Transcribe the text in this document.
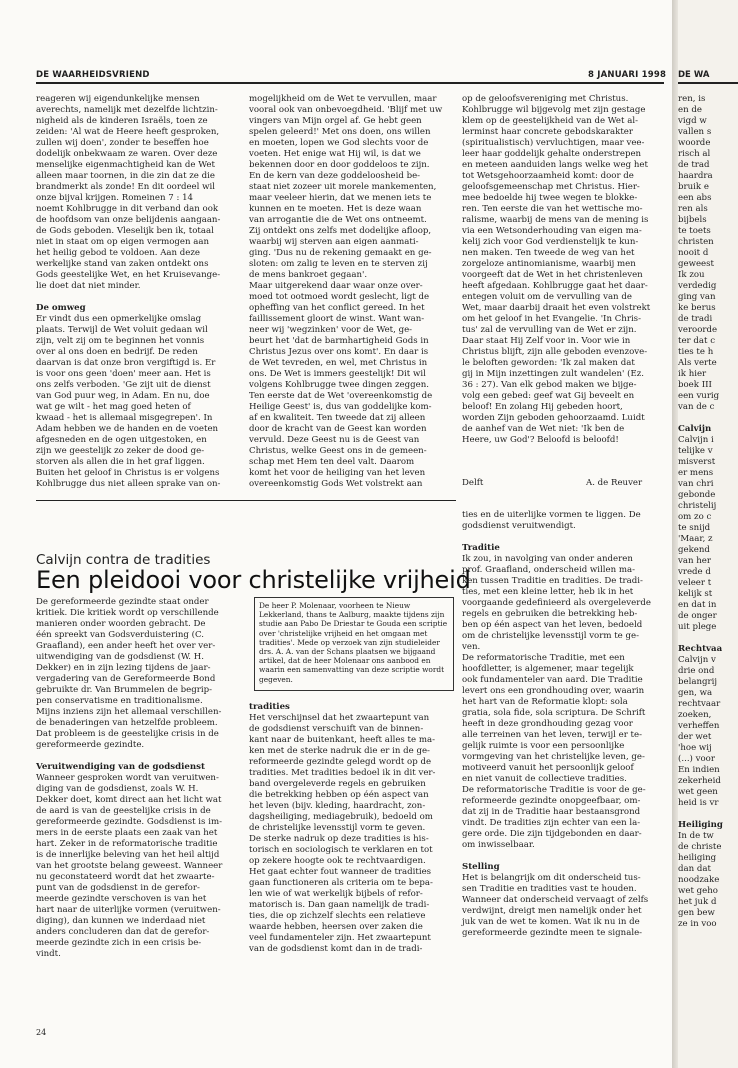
DE WAARHEIDSVRIEND	8 JANUARI 1998
reageren wij eigendunkelijke mensen
averechts, namelijk met dezelfde lichtzin-
nigheid als de kinderen Israëls, toen ze
zeiden: 'Al wat de Heere heeft gesproken,
zullen wij doen', zonder te beseffen hoe
dodelijk onbekwaam ze waren. Over deze
menselijke eigenmachtigheid kan de Wet
alleen maar toornen, in die zin dat ze die
brandmerkt als zonde! En dit oordeel wil
onze bijval krijgen. Romeinen 7 : 14
noemt Kohlbrugge in dit verband dan ook
de hoofdsom van onze belijdenis aangaan-
de Gods geboden. Vleselijk ben ik, totaal
niet in staat om op eigen vermogen aan
het heilig gebod te voldoen. Aan deze
werkelijke stand van zaken ontdekt ons
Gods geestelijke Wet, en het Kruisevange-
lie doet dat niet minder.

De omweg
Er vindt dus een opmerkelijke omslag
plaats. Terwijl de Wet voluit gedaan wil
zijn, velt zij om te beginnen het vonnis
over al ons doen en bedrijf. De reden
daarvan is dat onze bron vergiftigd is. Er
is voor ons geen 'doen' meer aan. Het is
ons zelfs verboden. 'Ge zijt uit de dienst
van God puur weg, in Adam. En nu, doe
wat ge wilt - het mag goed heten of
kwaad - het is allemaal misgegrepen'. In
Adam hebben we de handen en de voeten
afgesneden en de ogen uitgestoken, en
zijn we geestelijk zo zeker de dood ge-
storven als allen die in het graf liggen.
Buiten het geloof in Christus is er volgens
Kohlbrugge dus niet alleen sprake van on-
mogelijkheid om de Wet te vervullen, maar
vooral ook van onbevoegdheid. 'Blijf met uw
vingers van Mijn orgel af. Ge hebt geen
spelen geleerd!' Met ons doen, ons willen
en moeten, lopen we God slechts voor de
voeten. Het enige wat Hij wil, is dat we
bekennen door en door goddeloos te zijn.
En de kern van deze goddeloosheid be-
staat niet zozeer uit morele mankementen,
maar veeleer hierin, dat we menen iets te
kunnen en te moeten. Het is deze waan
van arrogantie die de Wet ons ontneemt.
Zij ontdekt ons zelfs met dodelijke afloop,
waarbij wij sterven aan eigen aanmati-
ging. 'Dus nu de rekening gemaakt en ge-
sloten: om zalig te leven en te sterven zij
de mens bankroet gegaan'.
Maar uitgerekend daar waar onze over-
moed tot ootmoed wordt geslecht, ligt de
opheffing van het conflict gereed. In het
faillissement gloort de winst. Want wan-
neer wij 'wegzinken' voor de Wet, ge-
beurt het 'dat de barmhartigheid Gods in
Christus Jezus over ons komt'. En daar is
de Wet tevreden, en wel, met Christus in
ons. De Wet is immers geestelijk! Dit wil
volgens Kohlbrugge twee dingen zeggen.
Ten eerste dat de Wet 'overeenkomstig de
Heilige Geest' is, dus van goddelijke kom-
af en kwaliteit. Ten tweede dat zij alleen
door de kracht van de Geest kan worden
vervuld. Deze Geest nu is de Geest van
Christus, welke Geest ons in de gemeen-
schap met Hem ten deel valt. Daarom
komt het voor de heiliging van het leven
overeenkomstig Gods Wet volstrekt aan
op de geloofsvereniging met Christus.
Kohlbrugge wil bijgevolg met zijn gestage
klem op de geestelijkheid van de Wet al-
lerminst haar concrete gebodskarakter
(spiritualistisch) vervluchtigen, maar vee-
leer haar goddelijk gehalte onderstrepen
en meteen aanduiden langs welke weg het
tot Wetsgehoorzaamheid komt: door de
geloofsgemeenschap met Christus. Hier-
mee bedoelde hij twee wegen te blokke-
ren. Ten eerste die van het wettische mo-
ralisme, waarbij de mens van de mening is
via een Wetsonderhouding van eigen ma-
kelij zich voor God verdienstelijk te kun-
nen maken. Ten tweede de weg van het
zorgeloze antinomianisme, waarbij men
voorgeeft dat de Wet in het christenleven
heeft afgedaan. Kohlbrugge gaat het daar-
entegen voluit om de vervulling van de
Wet, maar daarbij draait het even volstrekt
om het geloof in het Evangelie. 'In Chris-
tus' zal de vervulling van de Wet er zijn.
Daar staat Hij Zelf voor in. Voor wie in
Christus blijft, zijn alle geboden evenzove-
le beloften geworden: 'Ik zal maken dat
gij in Mijn inzettingen zult wandelen' (Ez.
36 : 27). Van elk gebod maken we bijge-
volg een gebed: geef wat Gij beveelt en
beloof! En zolang Hij gebeden hoort,
worden Zijn geboden gehoorzaamd. Luidt
de aanhef van de Wet niet: 'Ik ben de
Heere, uw God'? Beloofd is beloofd!
Delft	A. de Reuver
Calvijn contra de tradities
Een pleidooi voor christelijke vrijheid
De heer P. Molenaar, voorheen te Nieuw Lekkerland, thans te Aalburg, maakte tijdens zijn studie aan Pabo De Driestar te Gouda een scriptie over 'christelijke vrijheid en het omgaan met tradities'. Mede op verzoek van zijn studieleider drs. A. A. van der Schans plaatsen we bijgaand artikel, dat de heer Molenaar ons aanbood en waarin een samenvatting van deze scriptie wordt gegeven.
De gereformeerde gezindte staat onder
kritiek. Die kritiek wordt op verschillende
manieren onder woorden gebracht. De
één spreekt van Godsverduistering (C.
Graafland), een ander heeft het over ver-
uitwendiging van de godsdienst (W. H.
Dekker) en in zijn lezing tijdens de jaar-
vergadering van de Gereformeerde Bond
gebruikte dr. Van Brummelen de begrip-
pen conservatisme en traditionalisme.
Mijns inziens zijn het allemaal verschillen-
de benaderingen van hetzelfde probleem.
Dat probleem is de geestelijke crisis in de
gereformeerde gezindte.

Veruitwendiging van de godsdienst
Wanneer gesproken wordt van veruitwen-
diging van de godsdienst, zoals W. H.
Dekker doet, komt direct aan het licht wat
de aard is van de geestelijke crisis in de
gereformeerde gezindte. Godsdienst is im-
mers in de eerste plaats een zaak van het
hart. Zeker in de reformatorische traditie
is de innerlijke beleving van het heil altijd
van het grootste belang geweest. Wanneer
nu geconstateerd wordt dat het zwaarte-
punt van de godsdienst in de gerefor-
meerde gezindte verschoven is van het
hart naar de uiterlijke vormen (veruitwen-
diging), dan kunnen we inderdaad niet
anders concluderen dan dat de gerefor-
meerde gezindte zich in een crisis be-
vindt.
tradities
Het verschijnsel dat het zwaartepunt van
de godsdienst verschuift van de binnen-
kant naar de buitenkant, heeft alles te ma-
ken met de sterke nadruk die er in de ge-
reformeerde gezindte gelegd wordt op de
tradities. Met tradities bedoel ik in dit ver-
band overgeleverde regels en gebruiken
die betrekking hebben op één aspect van
het leven (bijv. kleding, haardracht, zon-
dagsheiliging, mediagebruik), bedoeld om
de christelijke levensstijl vorm te geven.
De sterke nadruk op deze tradities is his-
torisch en sociologisch te verklaren en tot
op zekere hoogte ook te rechtvaardigen.
Het gaat echter fout wanneer de tradities
gaan functioneren als criteria om te bepa-
len wie of wat werkelijk bijbels of refor-
matorisch is. Dan gaan namelijk de tradi-
ties, die op zichzelf slechts een relatieve
waarde hebben, heersen over zaken die
veel fundamenteler zijn. Het zwaartepunt
van de godsdienst komt dan in de tradi-
ties en de uiterlijke vormen te liggen. De
godsdienst veruitwendigt.

Traditie
Ik zou, in navolging van onder anderen
prof. Graafland, onderscheid willen ma-
ken tussen Traditie en tradities. De tradi-
ties, met een kleine letter, heb ik in het
voorgaande gedefinieerd als overgeleverde
regels en gebruiken die betrekking heb-
ben op één aspect van het leven, bedoeld
om de christelijke levensstijl vorm te ge-
ven.
De reformatorische Traditie, met een
hoofdletter, is algemener, maar tegelijk
ook fundamenteler van aard. Die Traditie
levert ons een grondhouding over, waarin
het hart van de Reformatie klopt: sola
gratia, sola fide, sola scriptura. De Schrift
heeft in deze grondhouding gezag voor
alle terreinen van het leven, terwijl er te-
gelijk ruimte is voor een persoonlijke
vormgeving van het christelijke leven, ge-
motiveerd vanuit het persoonlijk geloof
en niet vanuit de collectieve tradities.
De reformatorische Traditie is voor de ge-
reformeerde gezindte onopgeefbaar, om-
dat zij in de Traditie haar bestaansgrond
vindt. De tradities zijn echter van een la-
gere orde. Die zijn tijdgebonden en daar-
om inwisselbaar.

Stelling
Het is belangrijk om dit onderscheid tus-
sen Traditie en tradities vast te houden.
Wanneer dat onderscheid vervaagt of zelfs
verdwijnt, dreigt men namelijk onder het
juk van de wet te komen. Wat ik nu in de
gereformeerde gezindte meen te signale-
24
DE WA
ren, is
en de
vigd w
vallen s
woorde
risch al
de trad
haardra
bruik e
een abs
ren als
bijbels
te toets
christen
nooit d
geweest
Ik zou
verdedig
ging van
ke berus
de tradi
veroorde
ter dat c
ties te h
Als verte
ik hier
boek III
een vurig
van de c

Calvijn
Calvijn i
telijke v
misverst
er mens
van chri
gebonde
christelij
om zo c
te snijd
'Maar, z
gekend
van her
vrede d
veleer t
kelijk st
en dat in
de onger
uit plege

Rechtvaa
Calvijn v
drie ond
belangrij
gen, wa
rechtvaar
zoeken,
verheffen
der wet
'hoe wij
(...) voor
En indien
zekerheid
wet geen
heid is vr

Heiliging
In de tw
de christe
heiliging
dan dat
noodzake
wet geho
het juk d
gen bew
ze in voo
